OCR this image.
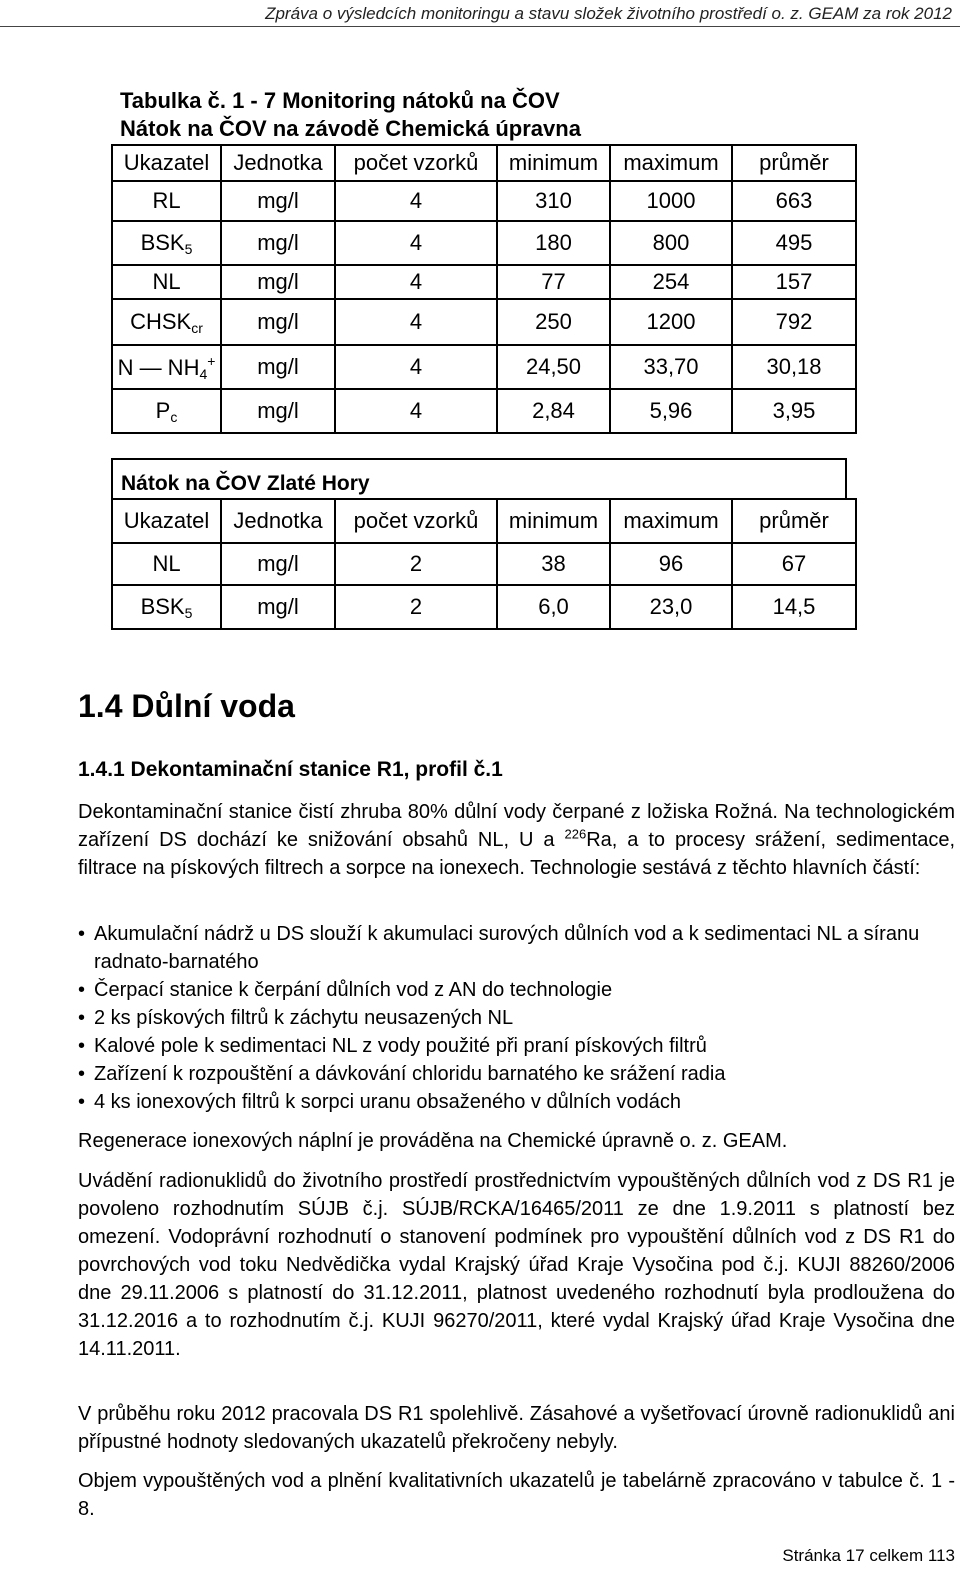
Zpráva o výsledcích monitoringu a stavu složek životního prostředí o. z. GEAM za rok 2012
Tabulka č. 1 - 7 Monitoring nátoků na ČOV
Nátok na ČOV na závodě Chemická úpravna
Ukazatel	Jednotka	počet vzorků	minimum	maximum	průměr
RL	mg/l	4	310	1000	663
$BSK_5$	mg/l	4	180	800	495
NL	mg/l	4	77	254	157
$CHSK_{cr}$	mg/l	4	250	1200	792
N — $NH_4^+$	mg/l	4	24,50	33,70	30,18
$P_c$	mg/l	4	2,84	5,96	3,95
Nátok na ČOV Zlaté Hory
Ukazatel	Jednotka	počet vzorků	minimum	maximum	průměr
NL	mg/l	2	38	96	67
$BSK_5$	mg/l	2	6,0	23,0	14,5
1.4 Důlní voda
1.4.1 Dekontaminační stanice R1, profil č.1
Dekontaminační stanice čistí zhruba 80% důlní vody čerpané z ložiska Rožná. Na technologickém zařízení DS dochází ke snižování obsahů NL, U a $^{226}$Ra, a to procesy srážení, sedimentace, filtrace na pískových filtrech a sorpce na ionexech. Technologie sestává z těchto hlavních částí:
• Akumulační nádrž u DS slouží k akumulaci surových důlních vod a k sedimentaci NL a síranu radnato-barnatého
• Čerpací stanice k čerpání důlních vod z AN do technologie
• 2 ks pískových filtrů k záchytu neusazených NL
• Kalové pole k sedimentaci NL z vody použité při praní pískových filtrů
• Zařízení k rozpouštění a dávkování chloridu barnatého ke srážení radia
• 4 ks ionexových filtrů k sorpci uranu obsaženého v důlních vodách
Regenerace ionexových náplní je prováděna na Chemické úpravně o. z. GEAM.
Uvádění radionuklidů do životního prostředí prostřednictvím vypouštěných důlních vod z DS R1 je povoleno rozhodnutím SÚJB č.j. SÚJB/RCKA/16465/2011 ze dne 1.9.2011 s platností bez omezení. Vodoprávní rozhodnutí o stanovení podmínek pro vypouštění důlních vod z DS R1 do povrchových vod toku Nedvědička vydal Krajský úřad Kraje Vysočina pod č.j. KUJI 88260/2006 dne 29.11.2006 s platností do 31.12.2011, platnost uvedeného rozhodnutí byla prodloužena do 31.12.2016 a to rozhodnutím č.j. KUJI 96270/2011, které vydal Krajský úřad Kraje Vysočina dne 14.11.2011.
V průběhu roku 2012 pracovala DS R1 spolehlivě. Zásahové a vyšetřovací úrovně radionuklidů ani přípustné hodnoty sledovaných ukazatelů překročeny nebyly.
Objem vypouštěných vod a plnění kvalitativních ukazatelů je tabelárně zpracováno v tabulce č. 1 - 8.
Stránka 17 celkem 113
